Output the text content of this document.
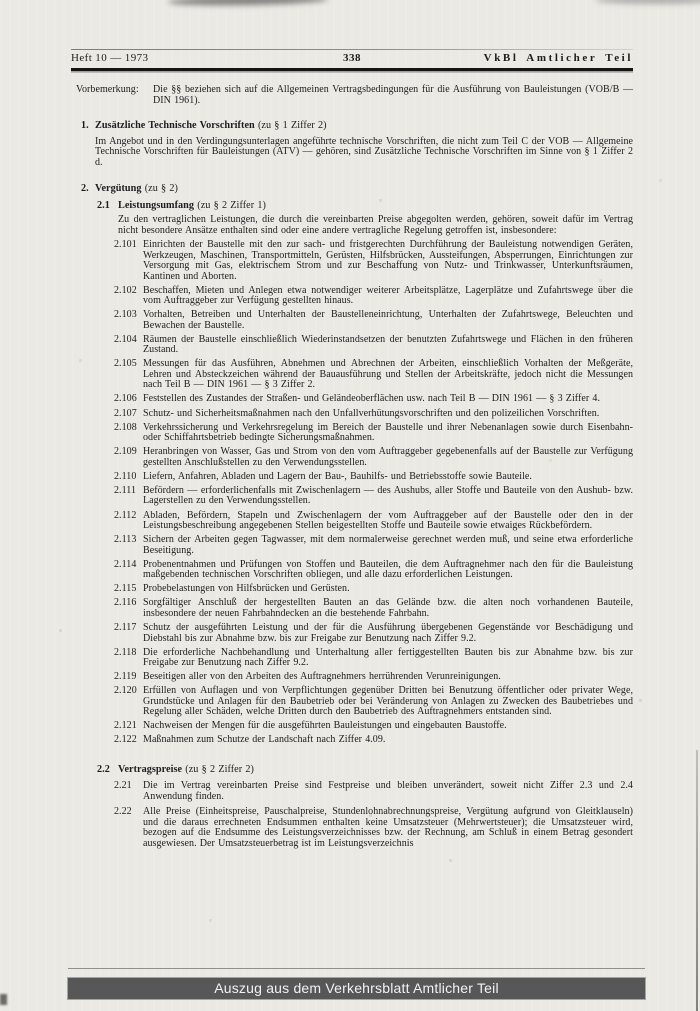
Heft 10 — 1973	338	VkBl Amtlicher Teil
Vorbemerkung:	Die §§ beziehen sich auf die Allgemeinen Vertragsbedingungen für die Ausführung von Bauleistungen (VOB/B — DIN 1961).
1. Zusätzliche Technische Vorschriften (zu § 1 Ziffer 2)
Im Angebot und in den Verdingungsunterlagen angeführte technische Vorschriften, die nicht zum Teil C der VOB — Allgemeine Technische Vorschriften für Bauleistungen (ATV) — gehören, sind Zusätzliche Technische Vorschriften im Sinne von § 1 Ziffer 2 d.
2. Vergütung (zu § 2)
2.1 Leistungsumfang (zu § 2 Ziffer 1)
Zu den vertraglichen Leistungen, die durch die vereinbarten Preise abgegolten werden, gehören, soweit dafür im Vertrag nicht besondere Ansätze enthalten sind oder eine andere vertragliche Regelung getroffen ist, insbesondere:
2.101 Einrichten der Baustelle mit den zur sach- und fristgerechten Durchführung der Bauleistung notwendigen Geräten, Werkzeugen, Maschinen, Transportmitteln, Gerüsten, Hilfsbrücken, Aussteifungen, Absperrungen, Einrichtungen zur Versorgung mit Gas, elektrischem Strom und zur Beschaffung von Nutz- und Trinkwasser, Unterkunftsräumen, Kantinen und Aborten.
2.102 Beschaffen, Mieten und Anlegen etwa notwendiger weiterer Arbeitsplätze, Lagerplätze und Zufahrtswege über die vom Auftraggeber zur Verfügung gestellten hinaus.
2.103 Vorhalten, Betreiben und Unterhalten der Baustelleneinrichtung, Unterhalten der Zufahrtswege, Beleuchten und Bewachen der Baustelle.
2.104 Räumen der Baustelle einschließlich Wiederinstandsetzen der benutzten Zufahrtswege und Flächen in den früheren Zustand.
2.105 Messungen für das Ausführen, Abnehmen und Abrechnen der Arbeiten, einschließlich Vorhalten der Meßgeräte, Lehren und Absteckzeichen während der Bauausführung und Stellen der Arbeitskräfte, jedoch nicht die Messungen nach Teil B — DIN 1961 — § 3 Ziffer 2.
2.106 Feststellen des Zustandes der Straßen- und Geländeoberflächen usw. nach Teil B — DIN 1961 — § 3 Ziffer 4.
2.107 Schutz- und Sicherheitsmaßnahmen nach den Unfallverhütungsvorschriften und den polizeilichen Vorschriften.
2.108 Verkehrssicherung und Verkehrsregelung im Bereich der Baustelle und ihrer Nebenanlagen sowie durch Eisenbahn- oder Schiffahrtsbetrieb bedingte Sicherungsmaßnahmen.
2.109 Heranbringen von Wasser, Gas und Strom von den vom Auftraggeber gegebenenfalls auf der Baustelle zur Verfügung gestellten Anschlußstellen zu den Verwendungsstellen.
2.110 Liefern, Anfahren, Abladen und Lagern der Bau-, Bauhilfs- und Betriebsstoffe sowie Bauteile.
2.111 Befördern — erforderlichenfalls mit Zwischenlagern — des Aushubs, aller Stoffe und Bauteile von den Aushub- bzw. Lagerstellen zu den Verwendungsstellen.
2.112 Abladen, Befördern, Stapeln und Zwischenlagern der vom Auftraggeber auf der Baustelle oder den in der Leistungsbeschreibung angegebenen Stellen beigestellten Stoffe und Bauteile sowie etwaiges Rückbefördern.
2.113 Sichern der Arbeiten gegen Tagwasser, mit dem normalerweise gerechnet werden muß, und seine etwa erforderliche Beseitigung.
2.114 Probenentnahmen und Prüfungen von Stoffen und Bauteilen, die dem Auftragnehmer nach den für die Bauleistung maßgebenden technischen Vorschriften obliegen, und alle dazu erforderlichen Leistungen.
2.115 Probebelastungen von Hilfsbrücken und Gerüsten.
2.116 Sorgfältiger Anschluß der hergestellten Bauten an das Gelände bzw. die alten noch vorhandenen Bauteile, insbesondere der neuen Fahrbahndecken an die bestehende Fahrbahn.
2.117 Schutz der ausgeführten Leistung und der für die Ausführung übergebenen Gegenstände vor Beschädigung und Diebstahl bis zur Abnahme bzw. bis zur Freigabe zur Benutzung nach Ziffer 9.2.
2.118 Die erforderliche Nachbehandlung und Unterhaltung aller fertiggestellten Bauten bis zur Abnahme bzw. bis zur Freigabe zur Benutzung nach Ziffer 9.2.
2.119 Beseitigen aller von den Arbeiten des Auftragnehmers herrührenden Verunreinigungen.
2.120 Erfüllen von Auflagen und von Verpflichtungen gegenüber Dritten bei Benutzung öffentlicher oder privater Wege, Grundstücke und Anlagen für den Baubetrieb oder bei Veränderung von Anlagen zu Zwecken des Baubetriebes und Regelung aller Schäden, welche Dritten durch den Baubetrieb des Auftragnehmers entstanden sind.
2.121 Nachweisen der Mengen für die ausgeführten Bauleistungen und eingebauten Baustoffe.
2.122 Maßnahmen zum Schutze der Landschaft nach Ziffer 4.09.
2.2 Vertragspreise (zu § 2 Ziffer 2)
2.21	Die im Vertrag vereinbarten Preise sind Festpreise und bleiben unverändert, soweit nicht Ziffer 2.3 und 2.4 Anwendung finden.
2.22	Alle Preise (Einheitspreise, Pauschalpreise, Stundenlohnabrechnungspreise, Vergütung aufgrund von Gleitklauseln) und die daraus errechneten Endsummen enthalten keine Umsatzsteuer (Mehrwertsteuer); die Umsatzsteuer wird, bezogen auf die Endsumme des Leistungsverzeichnisses bzw. der Rechnung, am Schluß in einem Betrag gesondert ausgewiesen. Der Umsatzsteuerbetrag ist im Leistungsverzeichnis
Auszug aus dem Verkehrsblatt Amtlicher Teil
